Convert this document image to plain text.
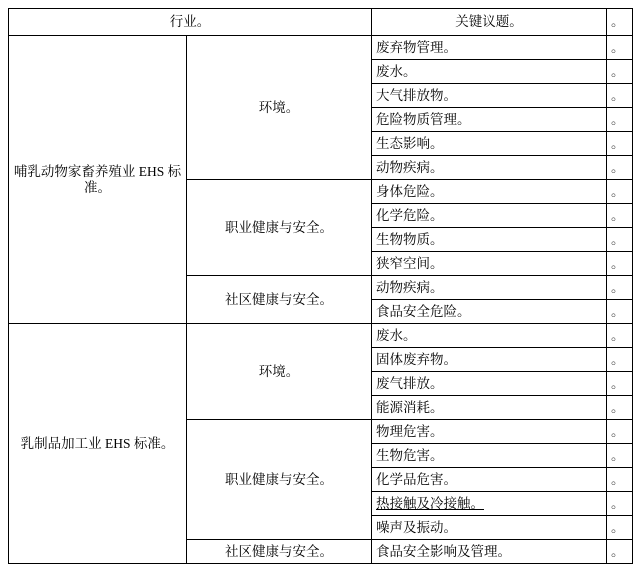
行业。		关键议题。	。
哺乳动物家畜养殖业 EHS 标准。	环境。	废弃物管理。	。
		废水。	。
		大气排放物。	。
		危险物质管理。	。
		生态影响。	。
		动物疾病。	。
	职业健康与安全。	身体危险。	。
		化学危险。	。
		生物物质。	。
		狭窄空间。	。
	社区健康与安全。	动物疾病。	。
		食品安全危险。	。
乳制品加工业 EHS 标准。	环境。	废水。	。
		固体废弃物。	。
		废气排放。	。
		能源消耗。	。
	职业健康与安全。	物理危害。	。
		生物危害。	。
		化学品危害。	。
		热接触及冷接触。	。
		噪声及振动。	。
	社区健康与安全。	食品安全影响及管理。	。
